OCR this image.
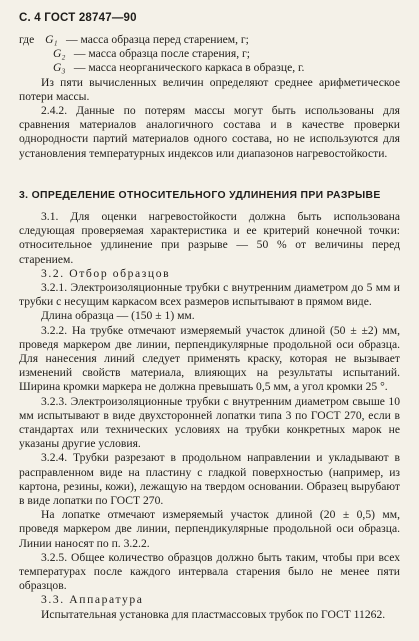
С. 4 ГОСТ 28747—90

где G₁ — масса образца перед старением, г;

G₂ — масса образца после старения, г;

G₃ — масса неорганического каркаса в образце, г.

Из пяти вычисленных величин определяют среднее арифметическое потери массы.

2.4.2. Данные по потерям массы могут быть использованы для сравнения материалов аналогичного состава и в качестве проверки однородности партий материалов одного состава, но не используются для установления температурных индексов или диапазонов нагревостойкости.

3. ОПРЕДЕЛЕНИЕ ОТНОСИТЕЛЬНОГО УДЛИНЕНИЯ ПРИ РАЗРЫВЕ

3.1. Для оценки нагревостойкости должна быть использована следующая проверяемая характеристика и ее критерий конечной точки: относительное удлинение при разрыве — 50 % от величины перед старением.

3.2. Отбор образцов

3.2.1. Электроизоляционные трубки с внутренним диаметром до 5 мм и трубки с несущим каркасом всех размеров испытывают в прямом виде.

Длина образца — (150 ± 1) мм.

3.2.2. На трубке отмечают измеряемый участок длиной (50 ± ±2) мм, проведя маркером две линии, перпендикулярные продольной оси образца. Для нанесения линий следует применять краску, которая не вызывает изменений свойств материала, влияющих на результаты испытаний. Ширина кромки маркера не должна превышать 0,5 мм, а угол кромки 25 °.

3.2.3. Электроизоляционные трубки с внутренним диаметром свыше 10 мм испытывают в виде двухсторонней лопатки типа 3 по ГОСТ 270, если в стандартах или технических условиях на трубки конкретных марок не указаны другие условия.

3.2.4. Трубки разрезают в продольном направлении и укладывают в расправленном виде на пластину с гладкой поверхностью (например, из картона, резины, кожи), лежащую на твердом основании. Образец вырубают в виде лопатки по ГОСТ 270.

На лопатке отмечают измеряемый участок длиной (20 ± 0,5) мм, проведя маркером две линии, перпендикулярные продольной оси образца. Линии наносят по п. 3.2.2.

3.2.5. Общее количество образцов должно быть таким, чтобы при всех температурах после каждого интервала старения было не менее пяти образцов.

3.3. Аппаратура

Испытательная установка для пластмассовых трубок по ГОСТ 11262.
